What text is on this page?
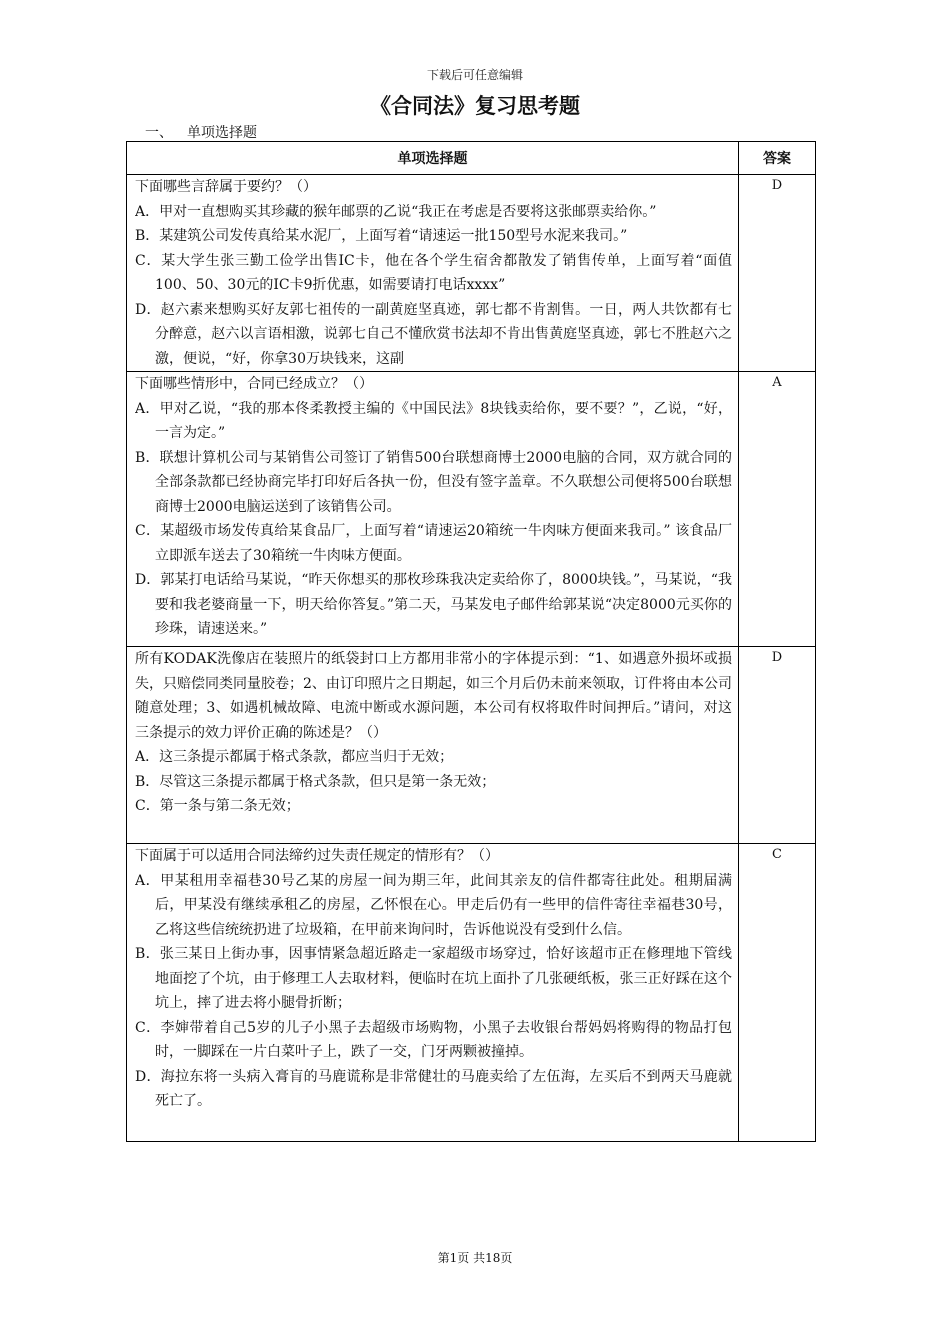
下载后可任意编辑
《合同法》复习思考题
一、 单项选择题
单项选择题	答案

下面哪些言辞属于要约？（）

A．甲对一直想购买其珍藏的猴年邮票的乙说“我正在考虑是否要将这张邮票卖给你。”

B．某建筑公司发传真给某水泥厂，上面写着“请速运一批150型号水泥来我司。”

C．某大学生张三勤工俭学出售IC卡，他在各个学生宿舍都散发了销售传单，上面写着“面值100、50、30元的IC卡9折优惠，如需要请打电话xxxx”

D．赵六素来想购买好友郭七祖传的一副黄庭坚真迹，郭七都不肯割售。一日，两人共饮都有七分醉意，赵六以言语相激，说郭七自己不懂欣赏书法却不肯出售黄庭坚真迹，郭七不胜赵六之激，便说，“好，你拿30万块钱来，这副	D

下面哪些情形中，合同已经成立？（）

A．甲对乙说，“我的那本佟柔教授主编的《中国民法》8块钱卖给你，要不要？”，乙说，“好，一言为定。”

B．联想计算机公司与某销售公司签订了销售500台联想商博士2000电脑的合同，双方就合同的全部条款都已经协商完毕打印好后各执一份，但没有签字盖章。不久联想公司便将500台联想商博士2000电脑运送到了该销售公司。

C．某超级市场发传真给某食品厂，上面写着“请速运20箱统一牛肉味方便面来我司。” 该食品厂立即派车送去了30箱统一牛肉味方便面。

D．郭某打电话给马某说，“昨天你想买的那枚珍珠我决定卖给你了，8000块钱。”，马某说，“我要和我老婆商量一下，明天给你答复。”第二天，马某发电子邮件给郭某说“决定8000元买你的珍珠，请速送来。”	A

所有KODAK洗像店在装照片的纸袋封口上方都用非常小的字体提示到：“1、如遇意外损坏或损失，只赔偿同类同量胶卷；2、由订印照片之日期起，如三个月后仍未前来领取，订件将由本公司随意处理；3、如遇机械故障、电流中断或水源问题，本公司有权将取件时间押后。”请问，对这三条提示的效力评价正确的陈述是？（）

A．这三条提示都属于格式条款，都应当归于无效；

B．尽管这三条提示都属于格式条款，但只是第一条无效；

C．第一条与第二条无效；	D

下面属于可以适用合同法缔约过失责任规定的情形有？（）

A．甲某租用幸福巷30号乙某的房屋一间为期三年，此间其亲友的信件都寄往此处。租期届满后，甲某没有继续承租乙的房屋，乙怀恨在心。甲走后仍有一些甲的信件寄往幸福巷30号，乙将这些信统统扔进了垃圾箱，在甲前来询问时，告诉他说没有受到什么信。

B．张三某日上街办事，因事情紧急超近路走一家超级市场穿过，恰好该超市正在修理地下管线地面挖了个坑，由于修理工人去取材料，便临时在坑上面扑了几张硬纸板，张三正好踩在这个坑上，摔了进去将小腿骨折断；

C．李婶带着自己5岁的儿子小黑子去超级市场购物，小黑子去收银台帮妈妈将购得的物品打包时，一脚踩在一片白菜叶子上，跌了一交，门牙两颗被撞掉。

D．海拉东将一头病入膏肓的马鹿谎称是非常健壮的马鹿卖给了左伍海，左买后不到两天马鹿就死亡了。	C
第1页 共18页
